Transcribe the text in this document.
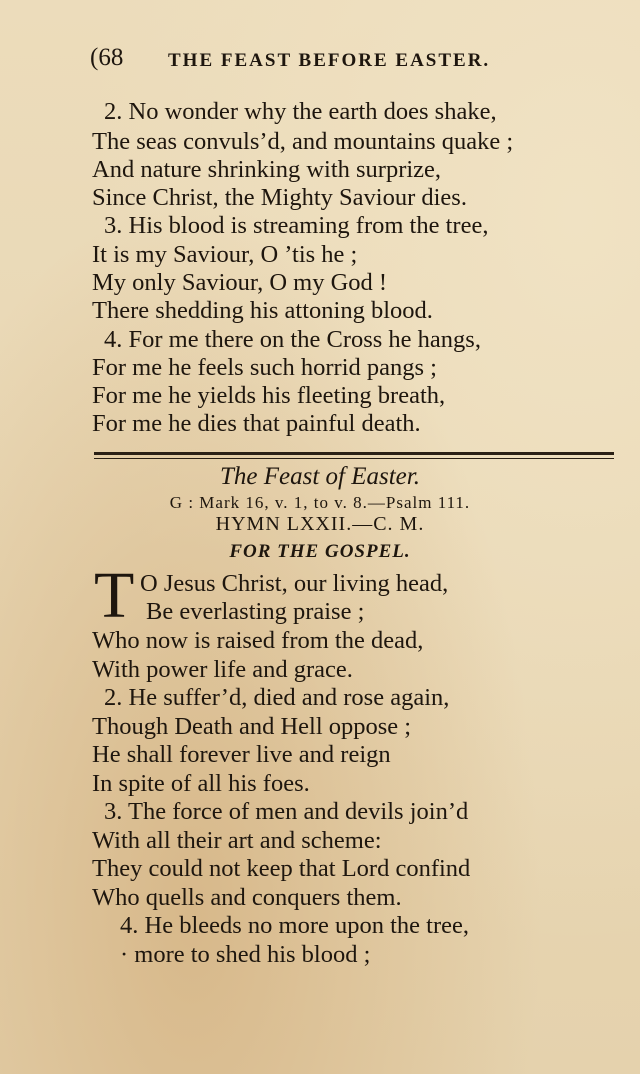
(68 THE FEAST BEFORE EASTER.
2. No wonder why the earth does shake,
The seas convuls’d, and mountains quake ;
And nature shrinking with surprize,
Since Christ, the Mighty Saviour dies.
3. His blood is streaming from the tree,
It is my Saviour, O ’tis he ;
My only Saviour, O my God !
There shedding his attoning blood.
4. For me there on the Cross he hangs,
For me he feels such horrid pangs ;
For me he yields his fleeting breath,
For me he dies that painful death.
The Feast of Easter.
G : Mark 16, v. 1, to v. 8.—Psalm 111.
HYMN LXXII.—C. M.
FOR THE GOSPEL.
T O Jesus Christ, our living head,
Be everlasting praise ;
Who now is raised from the dead,
With power life and grace.
2. He suffer’d, died and rose again,
Though Death and Hell oppose ;
He shall forever live and reign
In spite of all his foes.
3. The force of men and devils join’d
With all their art and scheme:
They could not keep that Lord confind
Who quells and conquers them.
4. He bleeds no more upon the tree,
· more to shed his blood ;
